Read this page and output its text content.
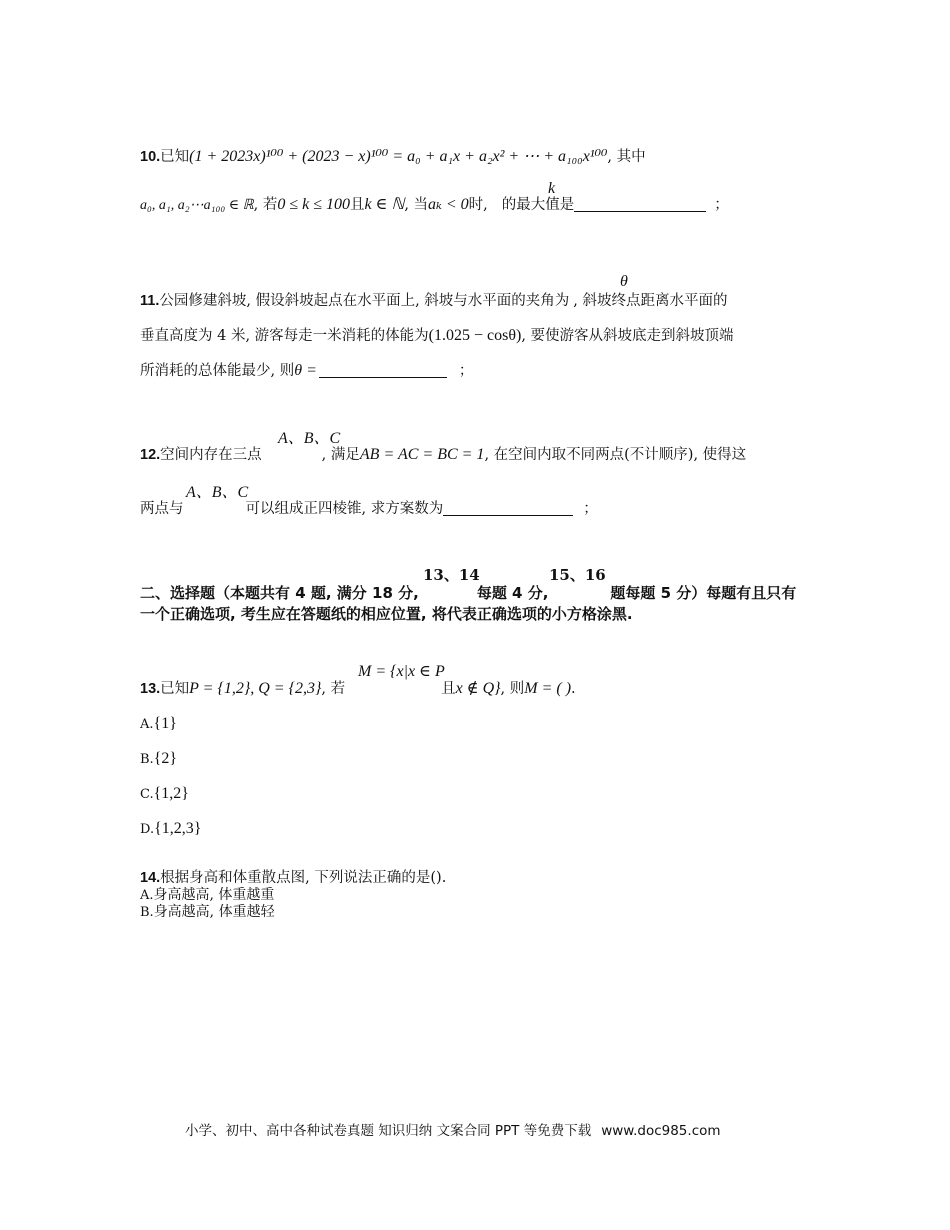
10.已知(1 + 2023x)¹⁰⁰ + (2023 − x)¹⁰⁰ = a₀ + a₁x + a₂x² + ⋯ + a₁₀₀x¹⁰⁰, 其中
k
a₀, a₁, a₂⋯a₁₀₀ ∈ ℝ, 若0 ≤ k ≤ 100且k ∈ ℕ, 当aₖ < 0时, 的最大值是	；
θ
11.公园修建斜坡, 假设斜坡起点在水平面上, 斜坡与水平面的夹角为 , 斜坡终点距离水平面的
垂直高度为 4 米, 游客每走一米消耗的体能为(1.025 − cosθ), 要使游客从斜坡底走到斜坡顶端
所消耗的总体能最少, 则θ =	；
A、B、C
12.空间内存在三点	, 满足AB = AC = BC = 1, 在空间内取不同两点(不计顺序), 使得这
A、B、C
两点与	可以组成正四棱锥, 求方案数为	；
13、14	15、16
二、选择题（本题共有 4 题, 满分 18 分,	每题 4 分,	题每题 5 分）每题有且只有
一个正确选项, 考生应在答题纸的相应位置, 将代表正确选项的小方格涂黑.
M = {x|x ∈ P
13.已知P = {1,2}, Q = {2,3}, 若	且x ∉ Q}, 则M = ( ).
A.{1}
B.{2}
C.{1,2}
D.{1,2,3}
14.根据身高和体重散点图, 下列说法正确的是().
A.身高越高, 体重越重
B.身高越高, 体重越轻
小学、初中、高中各种试卷真题 知识归纳 文案合同 PPT 等免费下载 www.doc985.com
